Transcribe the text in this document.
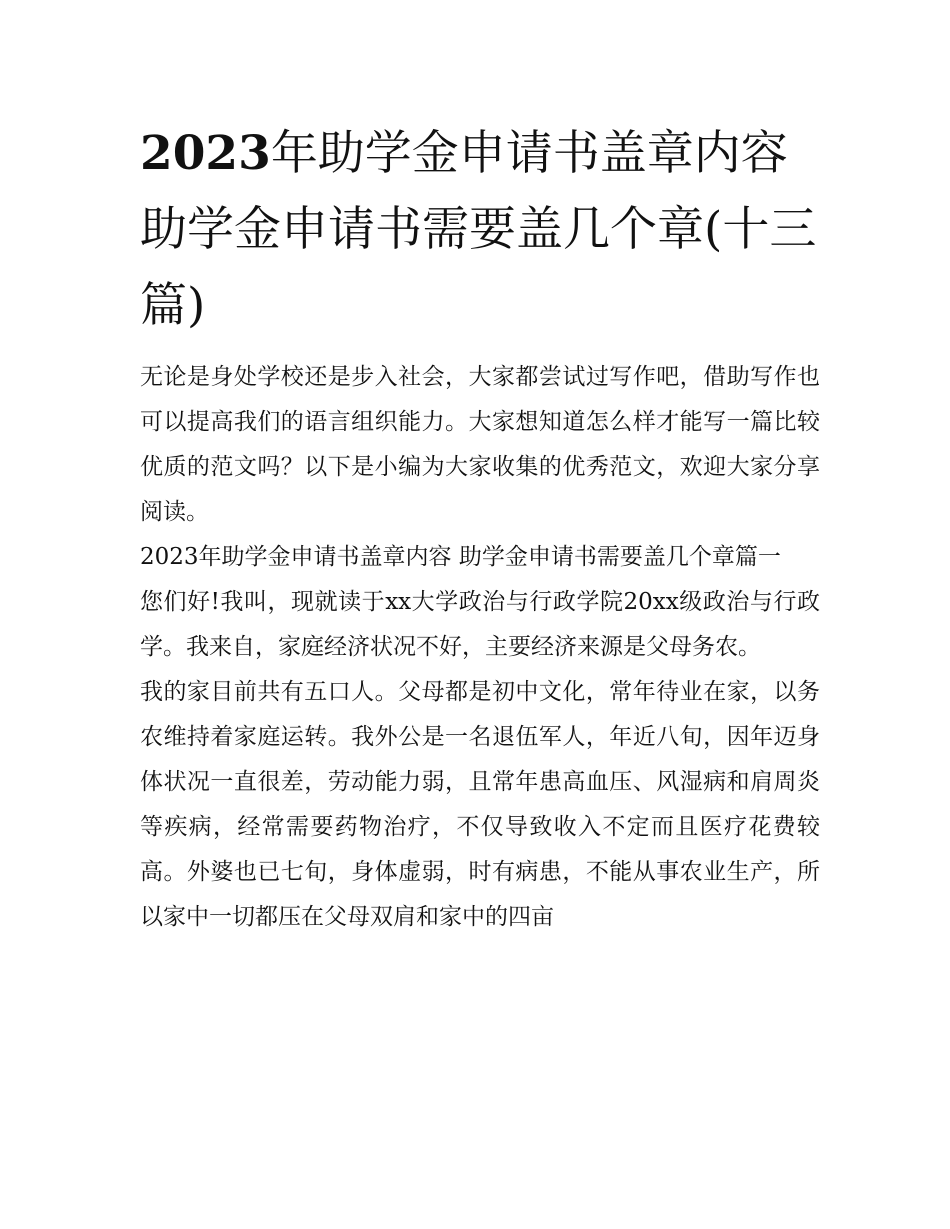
2023年助学金申请书盖章内容 助学金申请书需要盖几个章(十三篇)

无论是身处学校还是步入社会，大家都尝试过写作吧，借助写作也可以提高我们的语言组织能力。大家想知道怎么样才能写一篇比较优质的范文吗？以下是小编为大家收集的优秀范文，欢迎大家分享阅读。

2023年助学金申请书盖章内容 助学金申请书需要盖几个章篇一

您们好!我叫，现就读于xx大学政治与行政学院20xx级政治与行政学。我来自，家庭经济状况不好，主要经济来源是父母务农。

我的家目前共有五口人。父母都是初中文化，常年待业在家，以务农维持着家庭运转。我外公是一名退伍军人，年近八旬，因年迈身体状况一直很差，劳动能力弱，且常年患高血压、风湿病和肩周炎等疾病，经常需要药物治疗，不仅导致收入不定而且医疗花费较高。外婆也已七旬，身体虚弱，时有病患，不能从事农业生产，所以家中一切都压在父母双肩和家中的四亩
